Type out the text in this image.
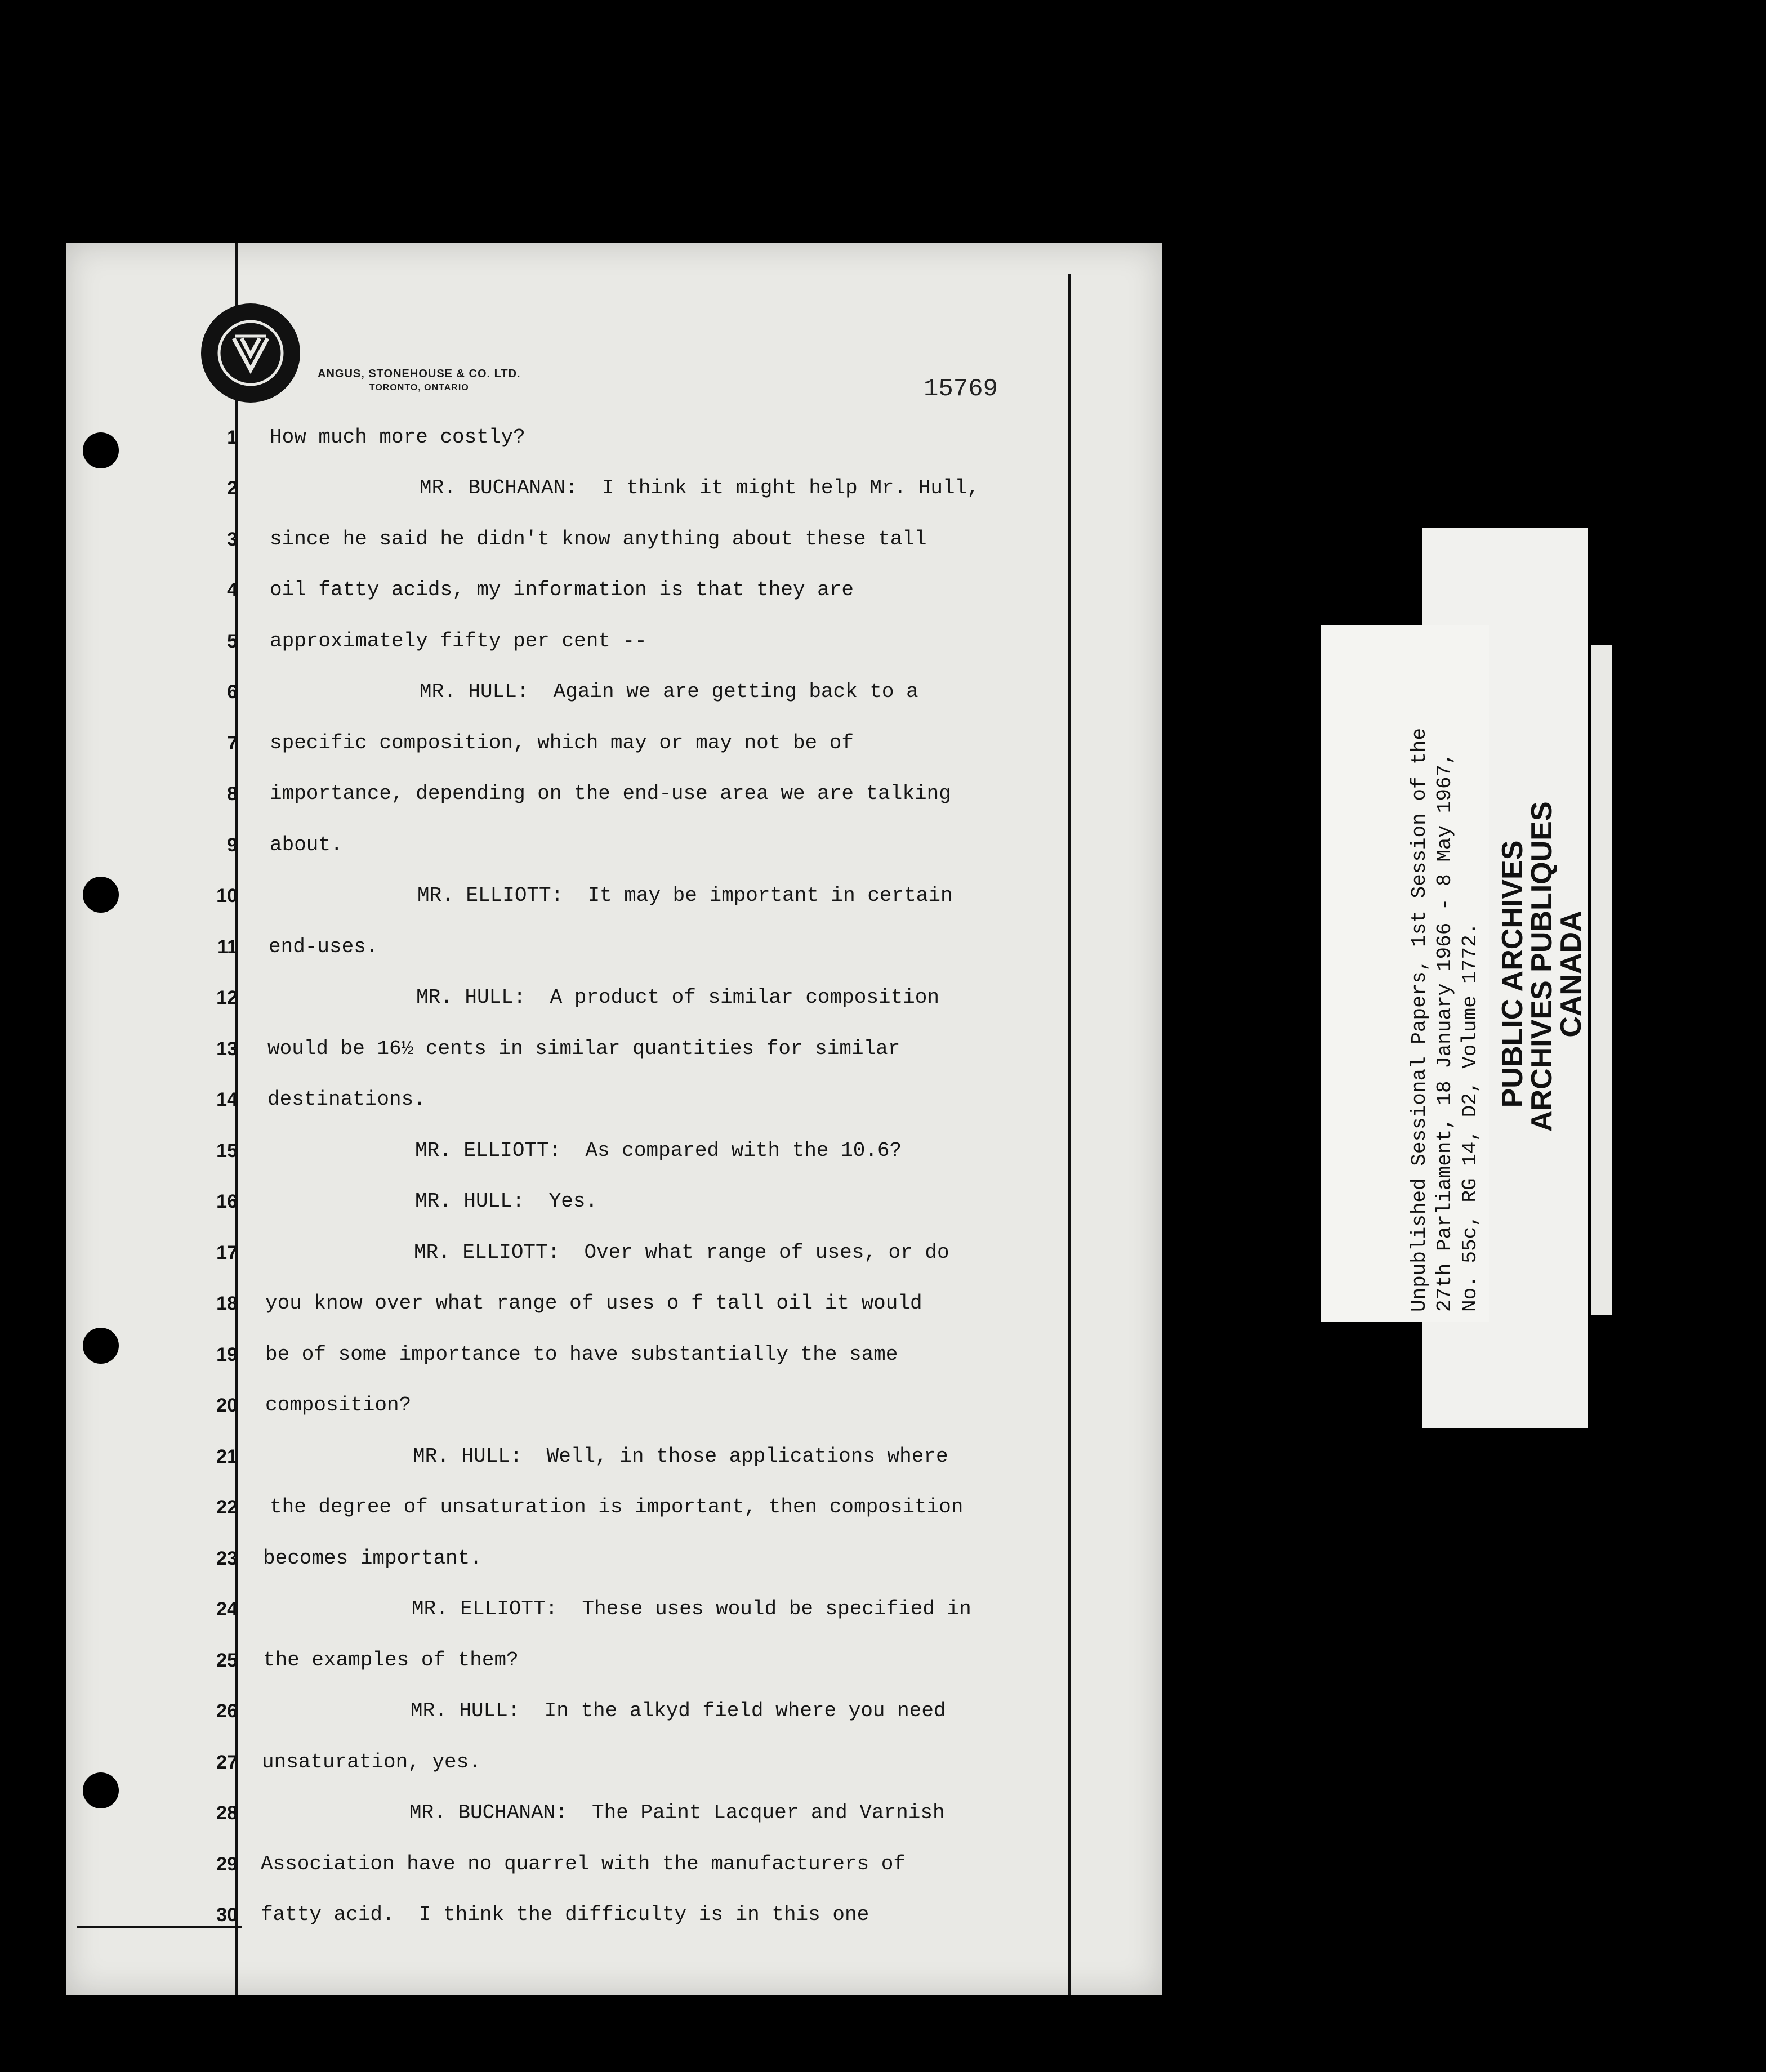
ANGUS, STONEHOUSE & CO. LTD.
TORONTO, ONTARIO	15769
1
2
3
4
5
6
7
8
9
10
11
12
13
14
15
16
17
18
19
20
21
22
23
24
25
26
27
28
29
30
How much more costly?
MR. BUCHANAN:  I think it might help Mr. Hull,
since he said he didn't know anything about these tall
oil fatty acids, my information is that they are
approximately fifty per cent --
MR. HULL:  Again we are getting back to a
specific composition, which may or may not be of
importance, depending on the end-use area we are talking
about.
MR. ELLIOTT:  It may be important in certain
end-uses.
MR. HULL:  A product of similar composition
would be 16½ cents in similar quantities for similar
destinations.
MR. ELLIOTT:  As compared with the 10.6?
MR. HULL:  Yes.
MR. ELLIOTT:  Over what range of uses, or do
you know over what range of uses o f tall oil it would
be of some importance to have substantially the same
composition?
MR. HULL:  Well, in those applications where
the degree of unsaturation is important, then composition
becomes important.
MR. ELLIOTT:  These uses would be specified in
the examples of them?
MR. HULL:  In the alkyd field where you need
unsaturation, yes.
MR. BUCHANAN:  The Paint Lacquer and Varnish
Association have no quarrel with the manufacturers of
fatty acid.  I think the difficulty is in this one
Unpublished Sessional Papers, 1st Session of the 27th Parliament, 18 January 1966 - 8 May 1967, No. 55c, RG 14, D2, Volume 1772. PUBLIC ARCHIVES
ARCHIVES PUBLIQUES
CANADA
